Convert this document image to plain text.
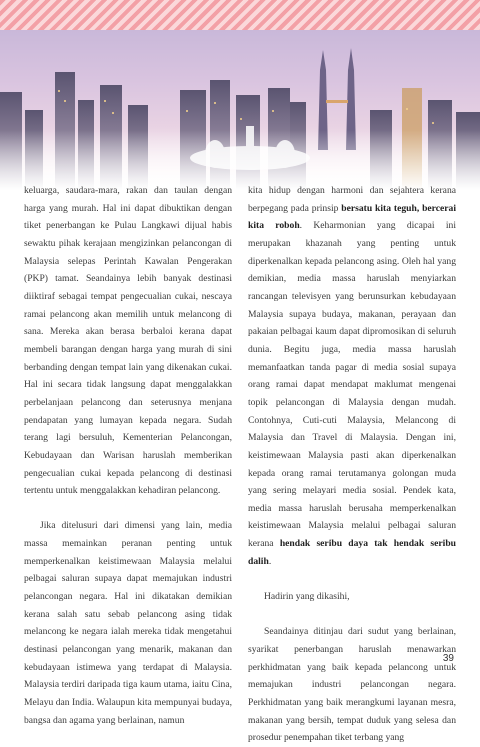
keluarga, saudara-mara, rakan dan taulan dengan harga yang murah. Hal ini dapat dibuktikan dengan tiket penerbangan ke Pulau Langkawi dijual habis sewaktu pihak kerajaan mengizinkan pelancongan di Malaysia selepas Perintah Kawalan Pengerakan (PKP) tamat. Seandainya lebih banyak destinasi diiktiraf sebagai tempat pengecualian cukai, nescaya ramai pelancong akan memilih untuk melancong di sana. Mereka akan berasa berbaloi kerana dapat membeli barangan dengan harga yang murah di sini berbanding dengan tempat lain yang dikenakan cukai. Hal ini secara tidak langsung dapat menggalakkan perbelanjaan pelancong dan seterusnya menjana pendapatan yang lumayan kepada negara. Sudah terang lagi bersuluh, Kementerian Pelancongan, Kebudayaan dan Warisan haruslah memberikan pengecualian cukai kepada pelancong di destinasi tertentu untuk menggalakkan kehadiran pelancong.

Jika ditelusuri dari dimensi yang lain, media massa memainkan peranan penting untuk memperkenalkan keistimewaan Malaysia melalui pelbagai saluran supaya dapat memajukan industri pelancongan negara. Hal ini dikatakan demikian kerana salah satu sebab pelancong asing tidak melancong ke negara ialah mereka tidak mengetahui destinasi pelancongan yang menarik, makanan dan kebudayaan istimewa yang terdapat di Malaysia. Malaysia terdiri daripada tiga kaum utama, iaitu Cina, Melayu dan India. Walaupun kita mempunyai budaya, bangsa dan agama yang berlainan, namun

kita hidup dengan harmoni dan sejahtera kerana berpegang pada prinsip bersatu kita teguh, bercerai kita roboh. Keharmonian yang dicapai ini merupakan khazanah yang penting untuk diperkenalkan kepada pelancong asing. Oleh hal yang demikian, media massa haruslah menyiarkan rancangan televisyen yang berunsurkan kebudayaan Malaysia supaya budaya, makanan, perayaan dan pakaian pelbagai kaum dapat dipromosikan di seluruh dunia. Begitu juga, media massa haruslah memanfaatkan tanda pagar di media sosial supaya orang ramai dapat mendapat maklumat mengenai topik pelancongan di Malaysia dengan mudah. Contohnya, Cuti-cuti Malaysia, Melancong di Malaysia dan Travel di Malaysia. Dengan ini, keistimewaan Malaysia pasti akan diperkenalkan kepada orang ramai terutamanya golongan muda yang sering melayari media sosial. Pendek kata, media massa haruslah berusaha memperkenalkan keistimewaan Malaysia melalui pelbagai saluran kerana hendak seribu daya tak hendak seribu dalih.

Hadirin yang dikasihi,

Seandainya ditinjau dari sudut yang berlainan, syarikat penerbangan haruslah menawarkan perkhidmatan yang baik kepada pelancong untuk memajukan industri pelancongan negara. Perkhidmatan yang baik merangkumi layanan mesra, makanan yang bersih, tempat duduk yang selesa dan prosedur penempahan tiket terbang yang

39
